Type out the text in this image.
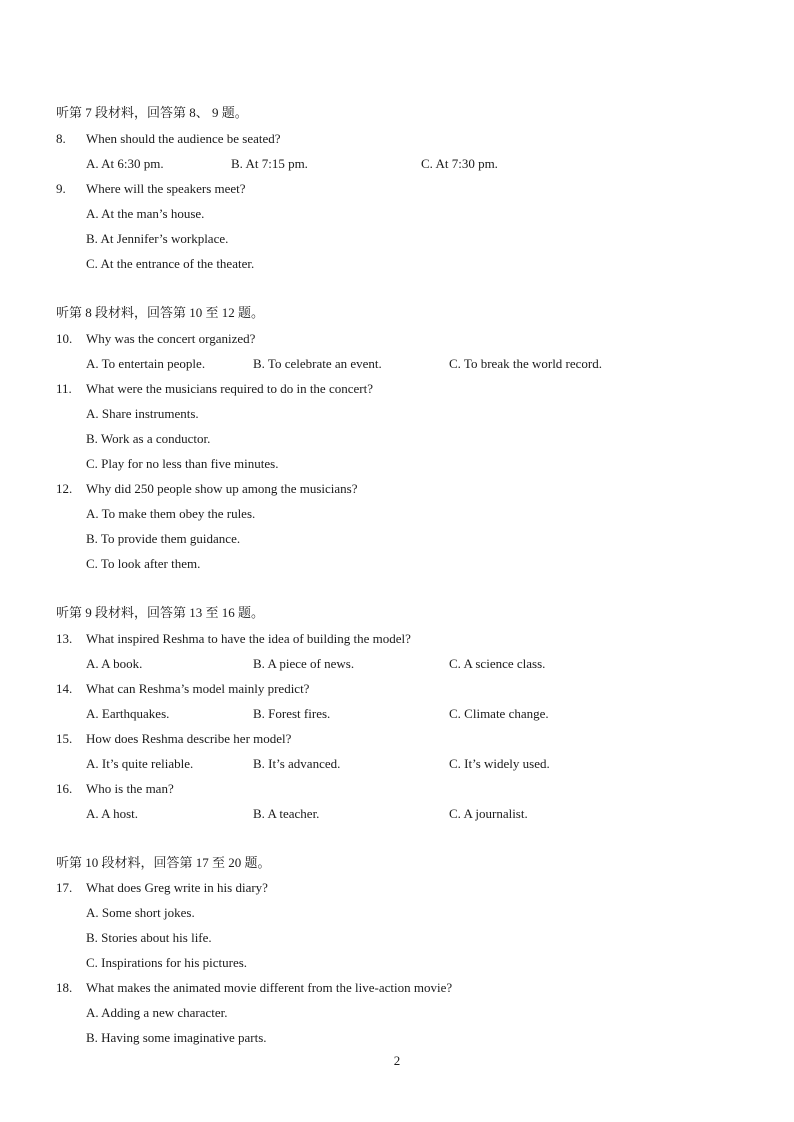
听第 7 段材料，回答第 8、 9 题。
8. When should the audience be seated?
A. At 6:30 pm.	B. At 7:15 pm.	C. At 7:30 pm.
9. Where will the speakers meet?
A. At the man’s house.
B. At Jennifer’s workplace.
C. At the entrance of the theater.
听第 8 段材料，回答第 10 至 12 题。
10. Why was the concert organized?
A. To entertain people.	B. To celebrate an event.	C. To break the world record.
11. What were the musicians required to do in the concert?
A. Share instruments.
B. Work as a conductor.
C. Play for no less than five minutes.
12. Why did 250 people show up among the musicians?
A. To make them obey the rules.
B. To provide them guidance.
C. To look after them.
听第 9 段材料，回答第 13 至 16 题。
13. What inspired Reshma to have the idea of building the model?
A. A book.	B. A piece of news.	C. A science class.
14. What can Reshma’s model mainly predict?
A. Earthquakes.	B. Forest fires.	C. Climate change.
15. How does Reshma describe her model?
A. It’s quite reliable.	B. It’s advanced.	C. It’s widely used.
16. Who is the man?
A. A host.	B. A teacher.	C. A journalist.
听第 10 段材料，回答第 17 至 20 题。
17. What does Greg write in his diary?
A. Some short jokes.
B. Stories about his life.
C. Inspirations for his pictures.
18. What makes the animated movie different from the live-action movie?
A. Adding a new character.
B. Having some imaginative parts.
2
